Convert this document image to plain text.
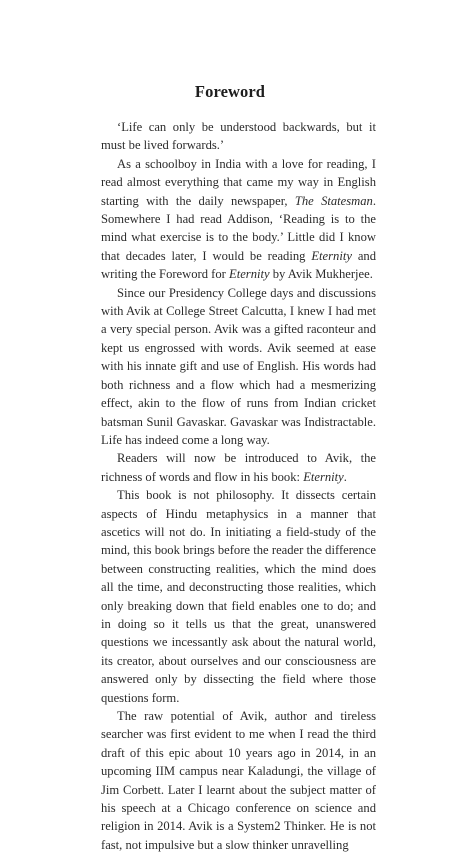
Foreword

‘Life can only be understood backwards, but it must be lived forwards.’

As a schoolboy in India with a love for reading, I read almost everything that came my way in English starting with the daily newspaper, The Statesman. Somewhere I had read Addison, ‘Reading is to the mind what exercise is to the body.’ Little did I know that decades later, I would be reading Eternity and writing the Foreword for Eternity by Avik Mukherjee.

Since our Presidency College days and discussions with Avik at College Street Calcutta, I knew I had met a very special person. Avik was a gifted raconteur and kept us engrossed with words. Avik seemed at ease with his innate gift and use of English. His words had both richness and a flow which had a mesmerizing effect, akin to the flow of runs from Indian cricket batsman Sunil Gavaskar. Gavaskar was Indistractable. Life has indeed come a long way.

Readers will now be introduced to Avik, the richness of words and flow in his book: Eternity.

This book is not philosophy. It dissects certain aspects of Hindu metaphysics in a manner that ascetics will not do. In initiating a field-study of the mind, this book brings before the reader the difference between constructing realities, which the mind does all the time, and deconstructing those realities, which only breaking down that field enables one to do; and in doing so it tells us that the great, unanswered questions we incessantly ask about the natural world, its creator, about ourselves and our consciousness are answered only by dissecting the field where those questions form.

The raw potential of Avik, author and tireless searcher was first evident to me when I read the third draft of this epic about 10 years ago in 2014, in an upcoming IIM campus near Kaladungi, the village of Jim Corbett. Later I learnt about the subject matter of his speech at a Chicago conference on science and religion in 2014. Avik is a System2 Thinker. He is not fast, not impulsive but a slow thinker unravelling
